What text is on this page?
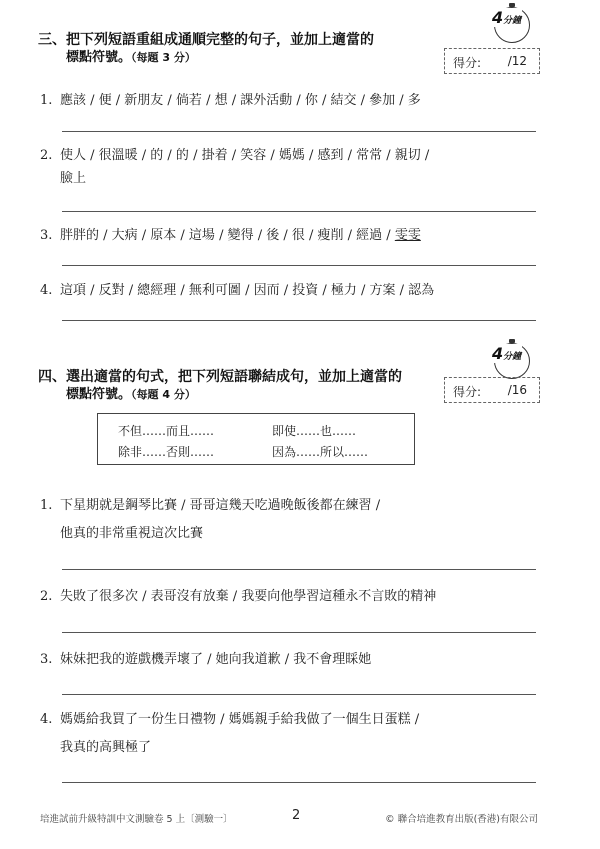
三、把下列短語重組成通順完整的句子，並加上適當的
標點符號。（每題 3 分）
4分鐘
得分: /12
1. 應該 / 便 / 新朋友 / 倘若 / 想 / 課外活動 / 你 / 結交 / 參加 / 多
2. 使人 / 很溫暖 / 的 / 的 / 掛着 / 笑容 / 媽媽 / 感到 / 常常 / 親切 /
臉上
3. 胖胖的 / 大病 / 原本 / 這場 / 變得 / 後 / 很 / 瘦削 / 經過 / 雯雯
4. 這項 / 反對 / 總經理 / 無利可圖 / 因而 / 投資 / 極力 / 方案 / 認為
四、選出適當的句式，把下列短語聯結成句，並加上適當的
標點符號。（每題 4 分）
4分鐘
得分: /16
不但……而且……	即使……也……
除非……否則……	因為……所以……
1. 下星期就是鋼琴比賽 / 哥哥這幾天吃過晚飯後都在練習 /
他真的非常重視這次比賽
2. 失敗了很多次 / 表哥沒有放棄 / 我要向他學習這種永不言敗的精神
3. 妹妹把我的遊戲機弄壞了 / 她向我道歉 / 我不會理睬她
4. 媽媽給我買了一份生日禮物 / 媽媽親手給我做了一個生日蛋糕 /
我真的高興極了
培進試前升級特訓中文測驗卷 5 上〔測驗一〕	2	© 聯合培進教育出版(香港)有限公司
